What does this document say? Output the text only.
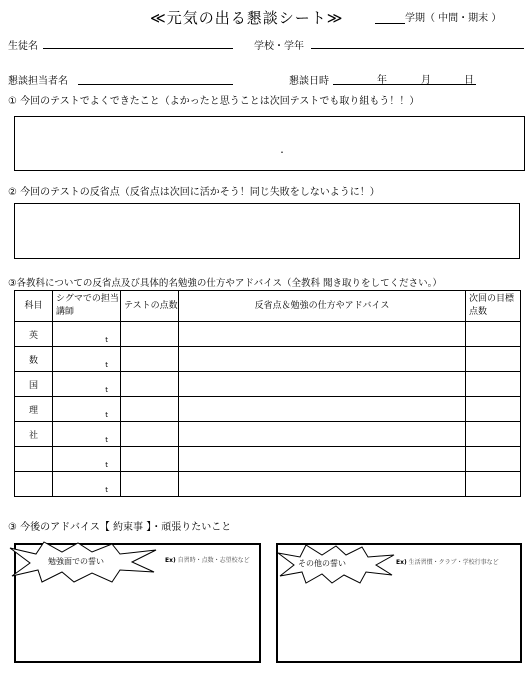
≪元気の出る懇談シート≫	学期（ 中間・期末 ）
生徒名	学校・学年
懇談担当者名	懇談日時	年	月	日
① 今回のテストでよくできたこと（よかったと思うことは次回テストでも取り組もう！！）
・
② 今回のテストの反省点（反省点は次回に活かそう！同じ失敗をしないように！）
③各教科についての反省点及び具体的名勉強の仕方やアドバイス（全教科 聞き取りをしてください。）
科目	シグマでの担当講師	テストの点数	反省点＆勉強の仕方やアドバイス	次回の目標点数
英	t			

数	t			

国	t			

理	t			

社	t			

	t			

	t			

③ 今後のアドバイス【 約束事 】・頑張りたいこと
勉強面での誓い	Ex) 自習時・点数・志望校など	その他の誓い	Ex) 生活習慣・クラブ・学校行事など
